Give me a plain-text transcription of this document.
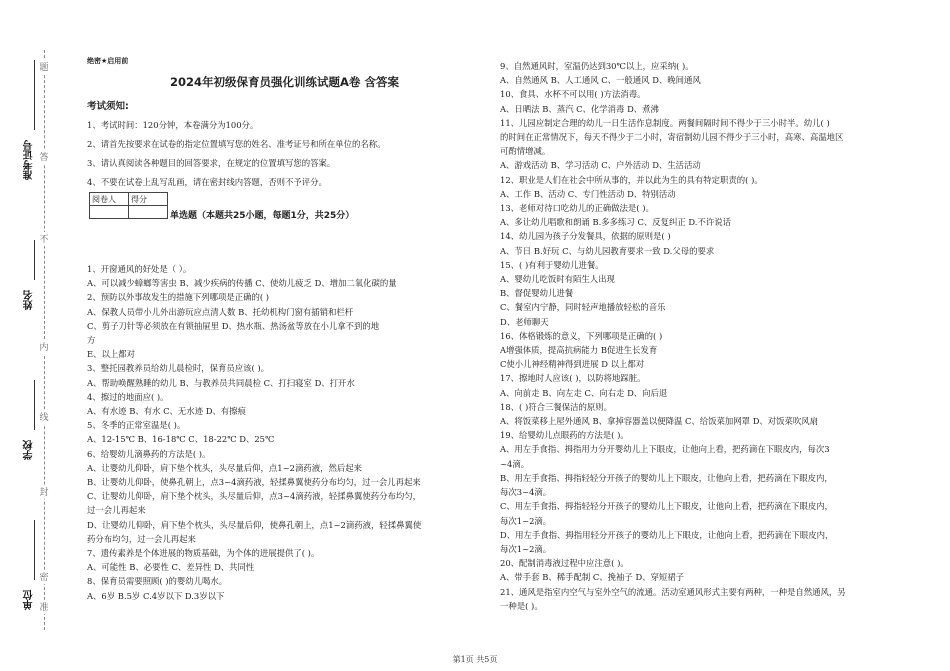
题
答
不
内
线
封
密
准
准考证号
姓名
学校
单位
绝密★启用前
2024年初级保育员强化训练试题A卷 含答案
考试须知:
1、考试时间：120分钟，本卷满分为100分。
2、请首先按要求在试卷的指定位置填写您的姓名、准考证号和所在单位的名称。
3、请认真阅读各种题目的回答要求，在规定的位置填写您的答案。
4、不要在试卷上乱写乱画，请在密封线内答题，否则不予评分。
阅卷人	得分

单选题（本题共25小题，每题1分，共25分）
1、开窗通风的好处是（ ）。
A、可以减少蟑螂等害虫 B、减少疾病的传播 C、使幼儿疲乏 D、增加二氧化碳的量
2、预防以外事故发生的措施下列哪项是正确的( )
A、保教人员带小儿外出游玩应点清人数 B、托幼机构门窗有插销和栏杆
C、剪子刀针等必须放在有锁抽屉里 D、热水瓶、热汤盆等放在小儿拿不到的地
方
E、以上都对
3、整托园教养员给幼儿晨检时，保育员应该( )。
A、帮助唤醒熟睡的幼儿 B、与教养员共同晨检 C、打扫寝室 D、打开水
4、擦过的地面应( )。
A、有水迹 B、有水 C、无水迹 D、有擦痕
5、冬季的正常室温是( )。
A、12-15℃ B、16-18℃ C、18-22℃ D、25℃
6、给婴幼儿滴鼻药的方法是( )。
A、让婴幼儿仰卧，肩下垫个枕头，头尽量后仰，点1~2滴药液，然后起来
B、让婴幼儿仰卧，使鼻孔朝上，点3~4滴药液，轻揉鼻翼使药分布均匀，过一会儿再起来
C、让婴幼儿仰卧，肩下垫个枕头，头尽量后仰，点3~4滴药液，轻揉鼻翼使药分布均匀，
过一会儿再起来
D、让婴幼儿仰卧，肩下垫个枕头，头尽量后仰，使鼻孔朝上，点1~2滴药液，轻揉鼻翼使
药分布均匀，过一会儿再起来
7、遗传素养是个体进展的物质基础，为个体的进展提供了( )。
A、可能性 B、必要性 C、差异性 D、共同性
8、保育员需要照顾( )的婴幼儿喝水。
A、6岁 B.5岁 C.4岁以下 D.3岁以下
9、自然通风时，室温仍达到30℃以上，应采纳( )。
A、自然通风 B、人工通风 C、一般通风 D、晚间通风
10、食具、水杯不可以用( )方法消毒。
A、日晒法 B、蒸汽 C、化学消毒 D、煮沸
11、儿园应制定合理的幼儿一日生活作息制度。两餐间隔时间不得少于三小时半。幼儿( )
的时间在正常情况下，每天不得少于二小时，寄宿制幼儿园不得少于三小时，高寒、高温地区
可酌情增减。
A、游戏活动 B、学习活动 C、户外活动 D、生活活动
12、职业是人们在社会中所从事的，并以此为生的具有特定职责的( )。
A、工作 B、活动 C、专门性活动 D、特别活动
13、老师对待口吃幼儿的正确做法是( )。
A、多让幼儿唱歌和朗诵 B.多多练习 C、反复纠正 D.不许说话
14、幼儿园为孩子分发餐具，依据的原则是( )
A、节日 B.好玩 C、与幼儿园教育要求一致 D.父母的要求
15、( )有利于婴幼儿进餐。
A、婴幼儿吃饭时有陌生人出现
B、督促婴幼儿进餐
C、餐室内宁静，同时轻声地播放轻松的音乐
D、老师聊天
16、体格锻炼的意义，下列哪项是正确的( )
A增强体质，提高抗病能力 B促进生长发育
C使小儿神经精神得到进展 D 以上都对
17、擦地时人应该( )，以防将地踩脏。
A、向前走 B、向左走 C、向右走 D、向后退
18、( )符合三餐保洁的原则。
A、将饭菜移上屋外通风 B、拿掉容器盖以便降温 C、给饭菜加网罩 D、对饭菜吹风扇
19、给婴幼儿点眼药的方法是( )。
A、用左手食指、拇指用力分开婴幼儿上下眼皮，让他向上看，把药滴在下眼皮内，每次3
~4滴。
B、用左手食指、拇指轻轻分开孩子的婴幼儿上下眼皮，让他向上看，把药滴在下眼皮内，
每次3~4滴。
C、用左手食指、拇指轻轻分开孩子的婴幼儿上下眼皮，让他向上看，把药滴在下眼皮内，
每次1~2滴。
D、用左手食指、拇指用轻分开孩子的婴幼儿上下眼皮，让他向上看，把药滴在下眼皮内，
每次1~2滴。
20、配制消毒液过程中应注意( )。
A、带手套 B、稀手配制 C、挽袖子 D、穿短裙子
21、通风是指室内空气与室外空气的流通。活动室通风形式主要有两种，一种是自然通风，另
一种是( )。
第1页 共5页
